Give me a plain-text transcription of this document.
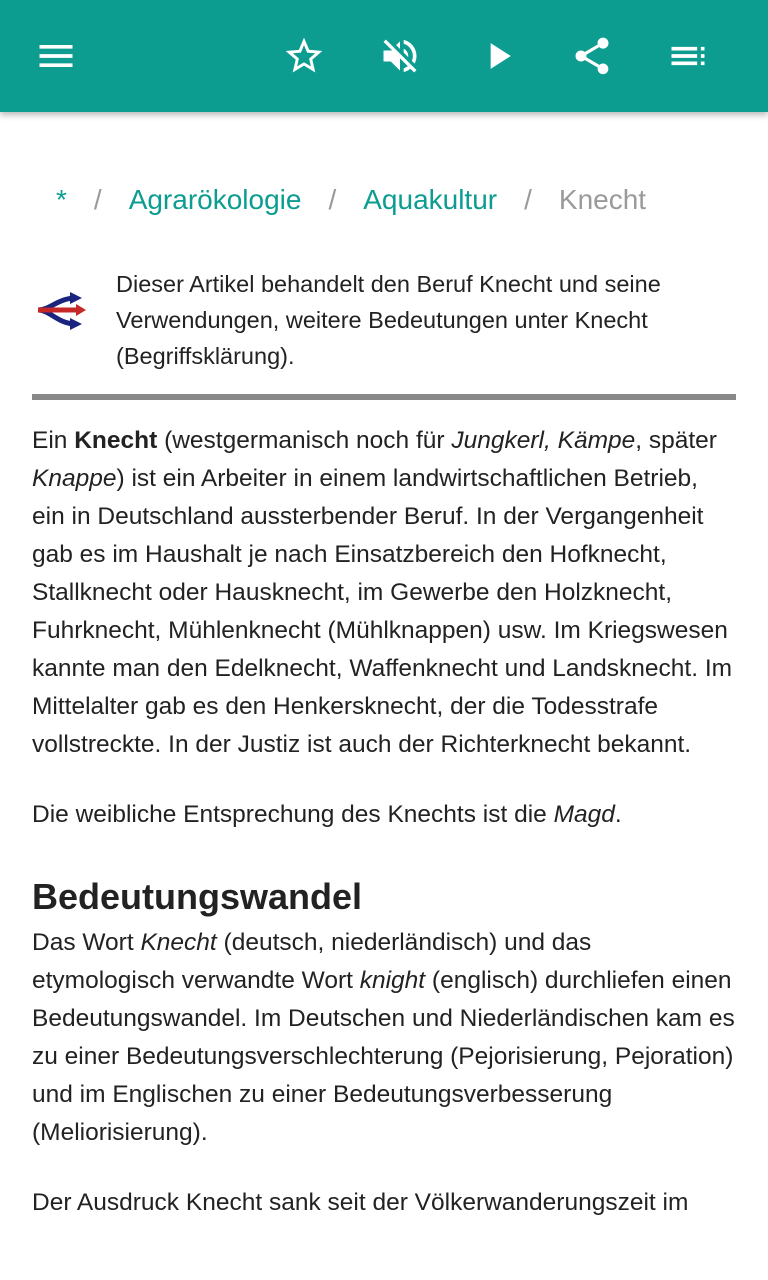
* / Agrarökologie / Aquakultur / Knecht
Dieser Artikel behandelt den Beruf Knecht und seine Verwendungen, weitere Bedeutungen unter Knecht (Begriffsklärung).

Ein Knecht (westgermanisch noch für Jungkerl, Kämpe, später Knappe) ist ein Arbeiter in einem landwirtschaftlichen Betrieb, ein in Deutschland aussterbender Beruf. In der Vergangenheit gab es im Haushalt je nach Einsatzbereich den Hofknecht, Stallknecht oder Hausknecht, im Gewerbe den Holzknecht, Fuhrknecht, Mühlenknecht (Mühlknappen) usw. Im Kriegswesen kannte man den Edelknecht, Waffenknecht und Landsknecht. Im Mittelalter gab es den Henkersknecht, der die Todesstrafe vollstreckte. In der Justiz ist auch der Richterknecht bekannt.

Die weibliche Entsprechung des Knechts ist die Magd.

Bedeutungswandel

Das Wort Knecht (deutsch, niederländisch) und das etymologisch verwandte Wort knight (englisch) durchliefen einen Bedeutungswandel. Im Deutschen und Niederländischen kam es zu einer Bedeutungsverschlechterung (Pejorisierung, Pejoration) und im Englischen zu einer Bedeutungsverbesserung (Meliorisierung).

Der Ausdruck Knecht sank seit der Völkerwanderungszeit im
